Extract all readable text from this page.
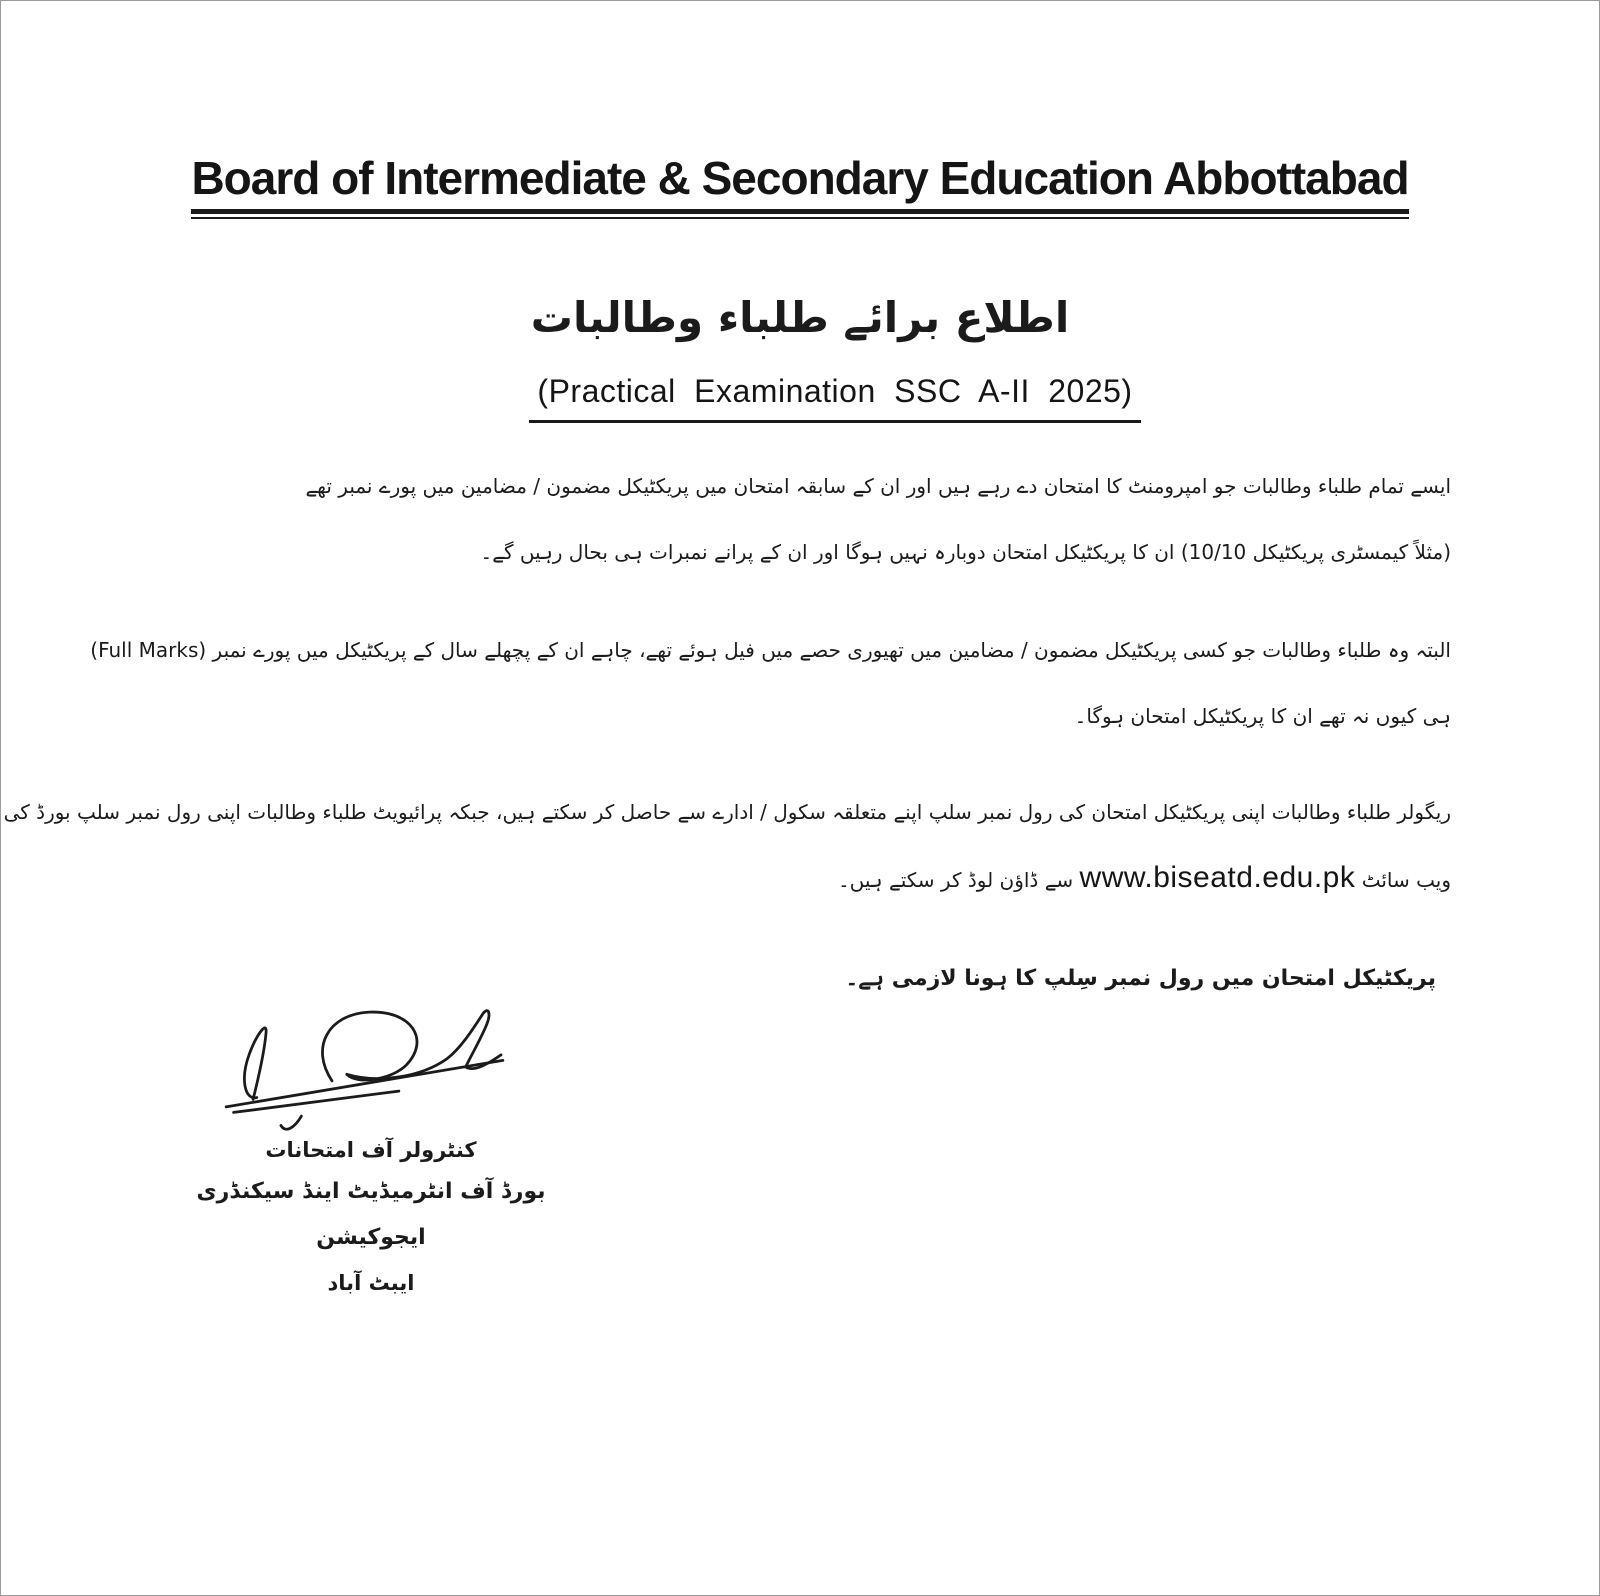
Board of Intermediate & Secondary Education Abbottabad
اطلاع برائے طلباء وطالبات
(Practical Examination SSC A-II 2025)
ایسے تمام طلباء وطالبات جو امپرومنٹ کا امتحان دے رہے ہیں اور ان کے سابقہ امتحان میں پریکٹیکل مضمون / مضامین میں پورے نمبر تھے
(مثلاً کیمسٹری پریکٹیکل 10/10) ان کا پریکٹیکل امتحان دوبارہ نہیں ہوگا اور ان کے پرانے نمبرات ہی بحال رہیں گے۔
البتہ وہ طلباء وطالبات جو کسی پریکٹیکل مضمون / مضامین میں تھیوری حصے میں فیل ہوئے تھے، چاہے ان کے پچھلے سال کے پریکٹیکل میں پورے نمبر (Full Marks)
ہی کیوں نہ تھے ان کا پریکٹیکل امتحان ہوگا۔
ریگولر طلباء وطالبات اپنی پریکٹیکل امتحان کی رول نمبر سلپ اپنے متعلقہ سکول / ادارے سے حاصل کر سکتے ہیں، جبکہ پرائیویٹ طلباء وطالبات اپنی رول نمبر سلپ بورڈ کی
ویب سائٹ www.biseatd.edu.pk سے ڈاؤن لوڈ کر سکتے ہیں۔
پریکٹیکل امتحان میں رول نمبر سِلپ کا ہونا لازمی ہے۔
کنٹرولر آف امتحانات
بورڈ آف انٹرمیڈیٹ اینڈ سیکنڈری ایجوکیشن
ایبٹ آباد
